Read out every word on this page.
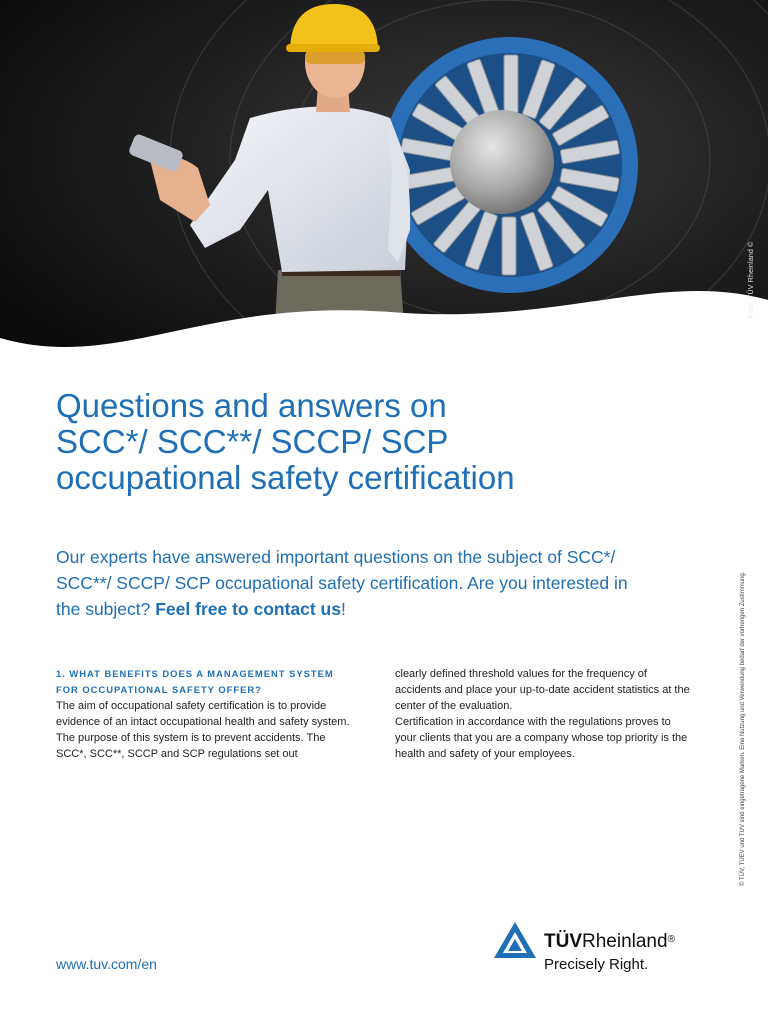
Foto: TÜV Rheinland ©
Questions and answers on
SCC*/ SCC**/ SCCP/ SCP
occupational safety certification

Our experts have answered important questions on the subject of SCC*/ SCC**/ SCCP/ SCP occupational safety certification. Are you interested in the subject? Feel free to contact us!

1. WHAT BENEFITS DOES A MANAGEMENT SYSTEM FOR OCCUPATIONAL SAFETY OFFER?

The aim of occupational safety certification is to provide evidence of an intact occupational health and safety system. The purpose of this system is to prevent accidents. The SCC*, SCC**, SCCP and SCP regulations set out

clearly defined threshold values for the frequency of accidents and place your up-to-date accident statistics at the center of the evaluation.

Certification in accordance with the regulations proves to your clients that you are a company whose top priority is the health and safety of your employees.	© TÜV, TUEV und TUV sind eingetragene Marken. Eine Nutzung und Verwendung bedarf der vorherigen Zustimmung.
www.tuv.com/en
TÜVRheinland®
Precisely Right.
